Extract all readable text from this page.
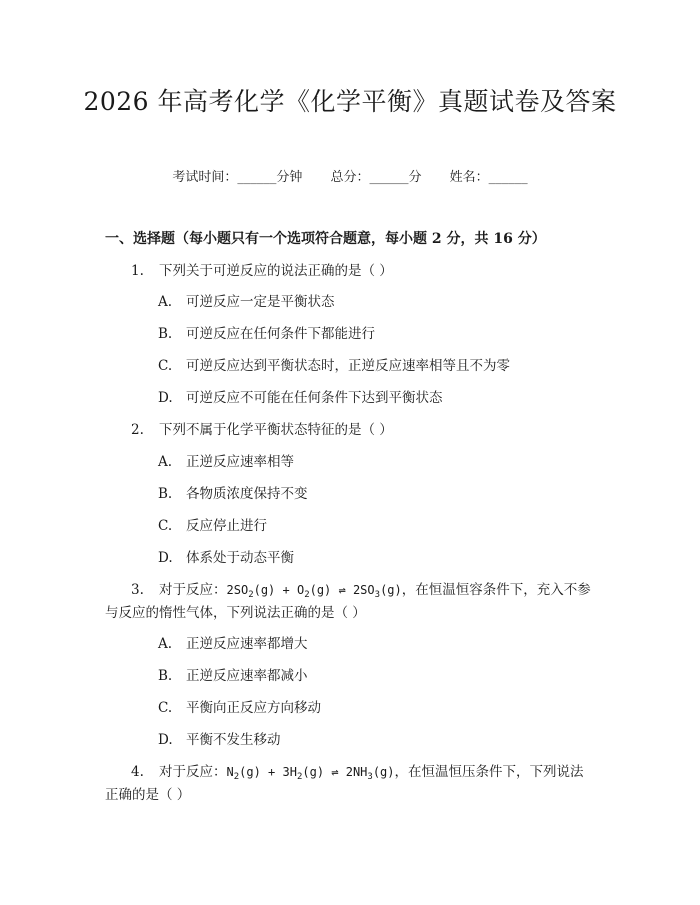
2026 年高考化学《化学平衡》真题试卷及答案
考试时间：______分钟 总分：______分 姓名：______
一、选择题（每小题只有一个选项符合题意，每小题 2 分，共 16 分）
1. 下列关于可逆反应的说法正确的是（ ）
A. 可逆反应一定是平衡状态
B. 可逆反应在任何条件下都能进行
C. 可逆反应达到平衡状态时，正逆反应速率相等且不为零
D. 可逆反应不可能在任何条件下达到平衡状态
2. 下列不属于化学平衡状态特征的是（ ）
A. 正逆反应速率相等
B. 各物质浓度保持不变
C. 反应停止进行
D. 体系处于动态平衡
3. 对于反应：$2SO_2(g) + O_2(g)$ ⇌ $2SO_3(g)$，在恒温恒容条件下，充入不参
与反应的惰性气体，下列说法正确的是（ ）
A. 正逆反应速率都增大
B. 正逆反应速率都减小
C. 平衡向正反应方向移动
D. 平衡不发生移动
4. 对于反应：$N_2(g) + 3H_2(g)$ ⇌ $2NH_3(g)$，在恒温恒压条件下，下列说法
正确的是（ ）
